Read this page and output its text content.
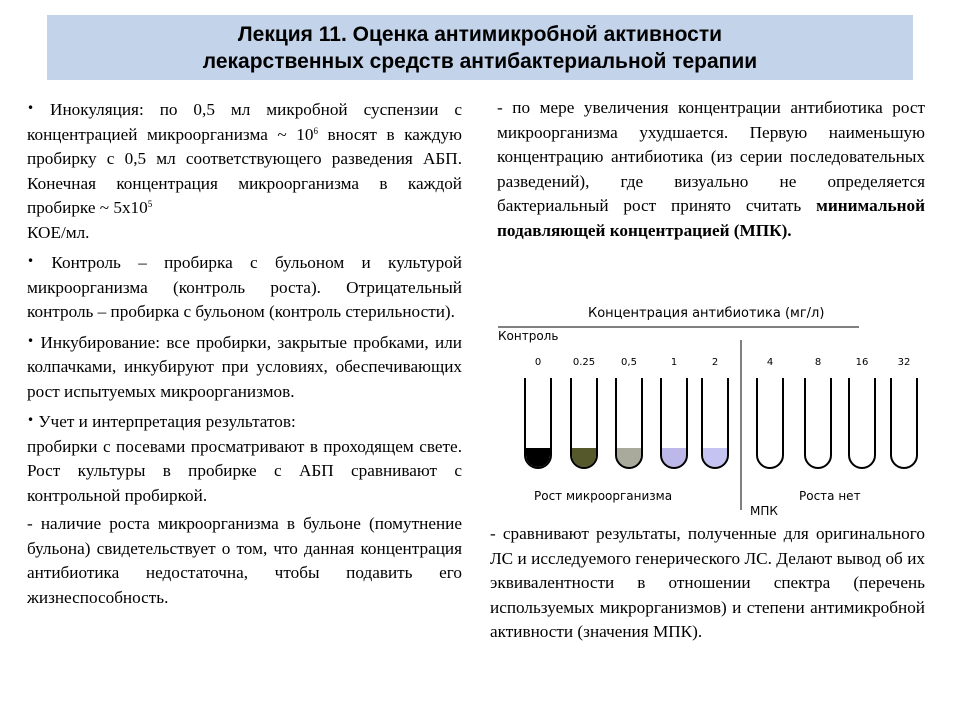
Лекция 11. Оценка антимикробной активности
лекарственных средств антибактериальной терапии

• Инокуляция: по 0,5 мл микробной суспензии с концентрацией микроорганизма ~ $10^6$ вносят в каждую пробирку с 0,5 мл соответствующего разведения АБП. Конечная концентрация микроорганизма в каждой пробирке ~ $5x10^5$
КОЕ/мл.

• Контроль – пробирка с бульоном и культурой микроорганизма (контроль роста). Отрицательный контроль – пробирка с бульоном (контроль стерильности).

• Инкубирование: все пробирки, закрытые пробками, или колпачками, инкубируют при условиях, обеспечивающих рост испытуемых микроорганизмов.

• Учет и интерпретация результатов:
пробирки с посевами просматривают в проходящем свете. Рост культуры в пробирке с АБП сравнивают с контрольной пробиркой.

- наличие роста микроорганизма в бульоне (помутнение бульона) свидетельствует о том, что данная концентрация антибиотика недостаточна, чтобы подавить его жизнеспособность.

- по мере увеличения концентрации антибиотика рост микроорганизма ухудшается. Первую наименьшую концентрацию антибиотика (из серии последовательных разведений), где визуально не определяется бактериальный рост принято считать минимальной подавляющей концентрацией (МПК).
Концентрация антибиотика (мг/л)
Контроль
0	0.25	0,5	1	2	4	8	16	32
Рост микроорганизма	Роста нет
МПК
- сравнивают результаты, полученные для оригинального ЛС и исследуемого генерического ЛС. Делают вывод об их эквивалентности в отношении спектра (перечень используемых микрорганизмов) и степени антимикробной активности (значения МПК).
